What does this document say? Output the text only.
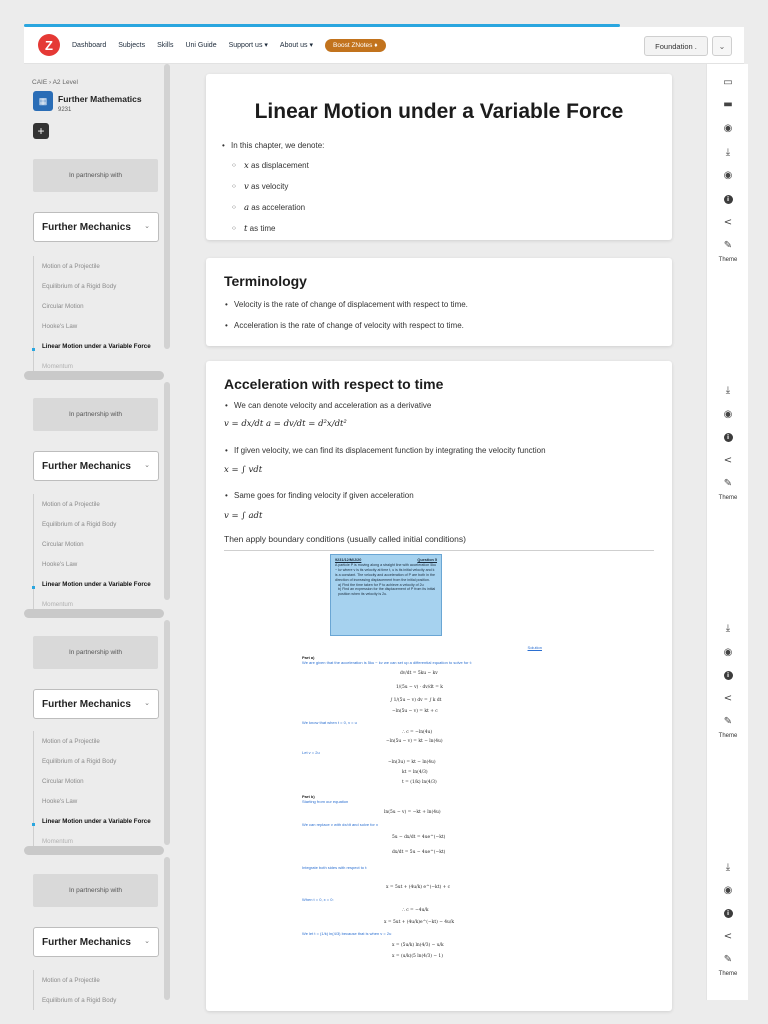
Z	Dashboard Subjects Skills Uni Guide Support us ▾ About us ▾	Boost ZNotes ♦	Foundation .	⌄
CAIE › A2 Level
▦	Further Mathematics
9231
+
In partnership with
Further Mechanics ⌄
Motion of a Projectile
Equilibrium of a Rigid Body
Circular Motion
Hooke's Law
Linear Motion under a Variable Force
Momentum
In partnership with
Further Mechanics ⌄
Motion of a Projectile
Equilibrium of a Rigid Body
Circular Motion
Hooke's Law
Linear Motion under a Variable Force
Momentum
In partnership with
Further Mechanics ⌄
Motion of a Projectile
Equilibrium of a Rigid Body
Circular Motion
Hooke's Law
Linear Motion under a Variable Force
Momentum
In partnership with
Further Mechanics ⌄
Motion of a Projectile
Equilibrium of a Rigid Body
Linear Motion under a Variable Force
• In this chapter, we denote:
○ x as displacement
○ v as velocity
○ a as acceleration
○ t as time
Terminology
• Velocity is the rate of change of displacement with respect to time.
• Acceleration is the rate of change of velocity with respect to time.
Acceleration with respect to time
• We can denote velocity and acceleration as a derivative
v = dx/dt a = dv/dt = d²x/dt²
• If given velocity, we can find its displacement function by integrating the velocity function
x = ∫ vdt
• Same goes for finding velocity if given acceleration
v = ∫ adt
Then apply boundary conditions (usually called initial conditions)
9231/12/M/J/20	Question 5
A particle P is moving along a straight line with acceleration 5ku − kv where v is its velocity at time t, u is its initial velocity and k is a constant. The velocity and acceleration of P are both in the direction of increasing displacement from the initial position.
a) Find the time taken for P to achieve a velocity of 2u
b) Find an expression for the displacement of P from its initial position when its velocity is 2u.
Solution
Part a)
We are given that the acceleration is 5ku − kv we can set up a differential equation to solve for t:
dv/dt = 5ku − kv
1/(5u − v) · dv/dt = k
∫ 1/(5u − v) dv = ∫ k dt
−ln(5u − v) = kt + c
We know that when t = 0, v = u
∴ c = −ln(4u)
−ln(5u − v) = kt − ln(4u)
Let v = 2u
−ln(3u) = kt − ln(4u)
kt = ln(4/3)
t = (1/k) ln(4/3)
Part b)
Starting from our equation
ln(5u − v) = −kt + ln(4u)
We can replace v with dx/dt and solve for x
5u − dx/dt = 4ue^(−kt)
dx/dt = 5u − 4ue^(−kt)
Integrate both sides with respect to t:
x = 5ut + (4u/k) e^(−kt) + c
When t = 0, x = 0:
∴ c = −4u/k
x = 5ut + (4u/k)e^(−kt) − 4u/k
We let t = (1/k) ln(4/3) because that is when v = 2u
x = (5u/k) ln(4/3) − u/k
x = (u/k)(5 ln(4/3) − 1)
▭
▬
◉
⤓
◉
i
<
✎
Theme
⤓
◉
i
<
✎
Theme
⤓
◉
i
<
✎
Theme
⤓
◉
i
<
✎
Theme
